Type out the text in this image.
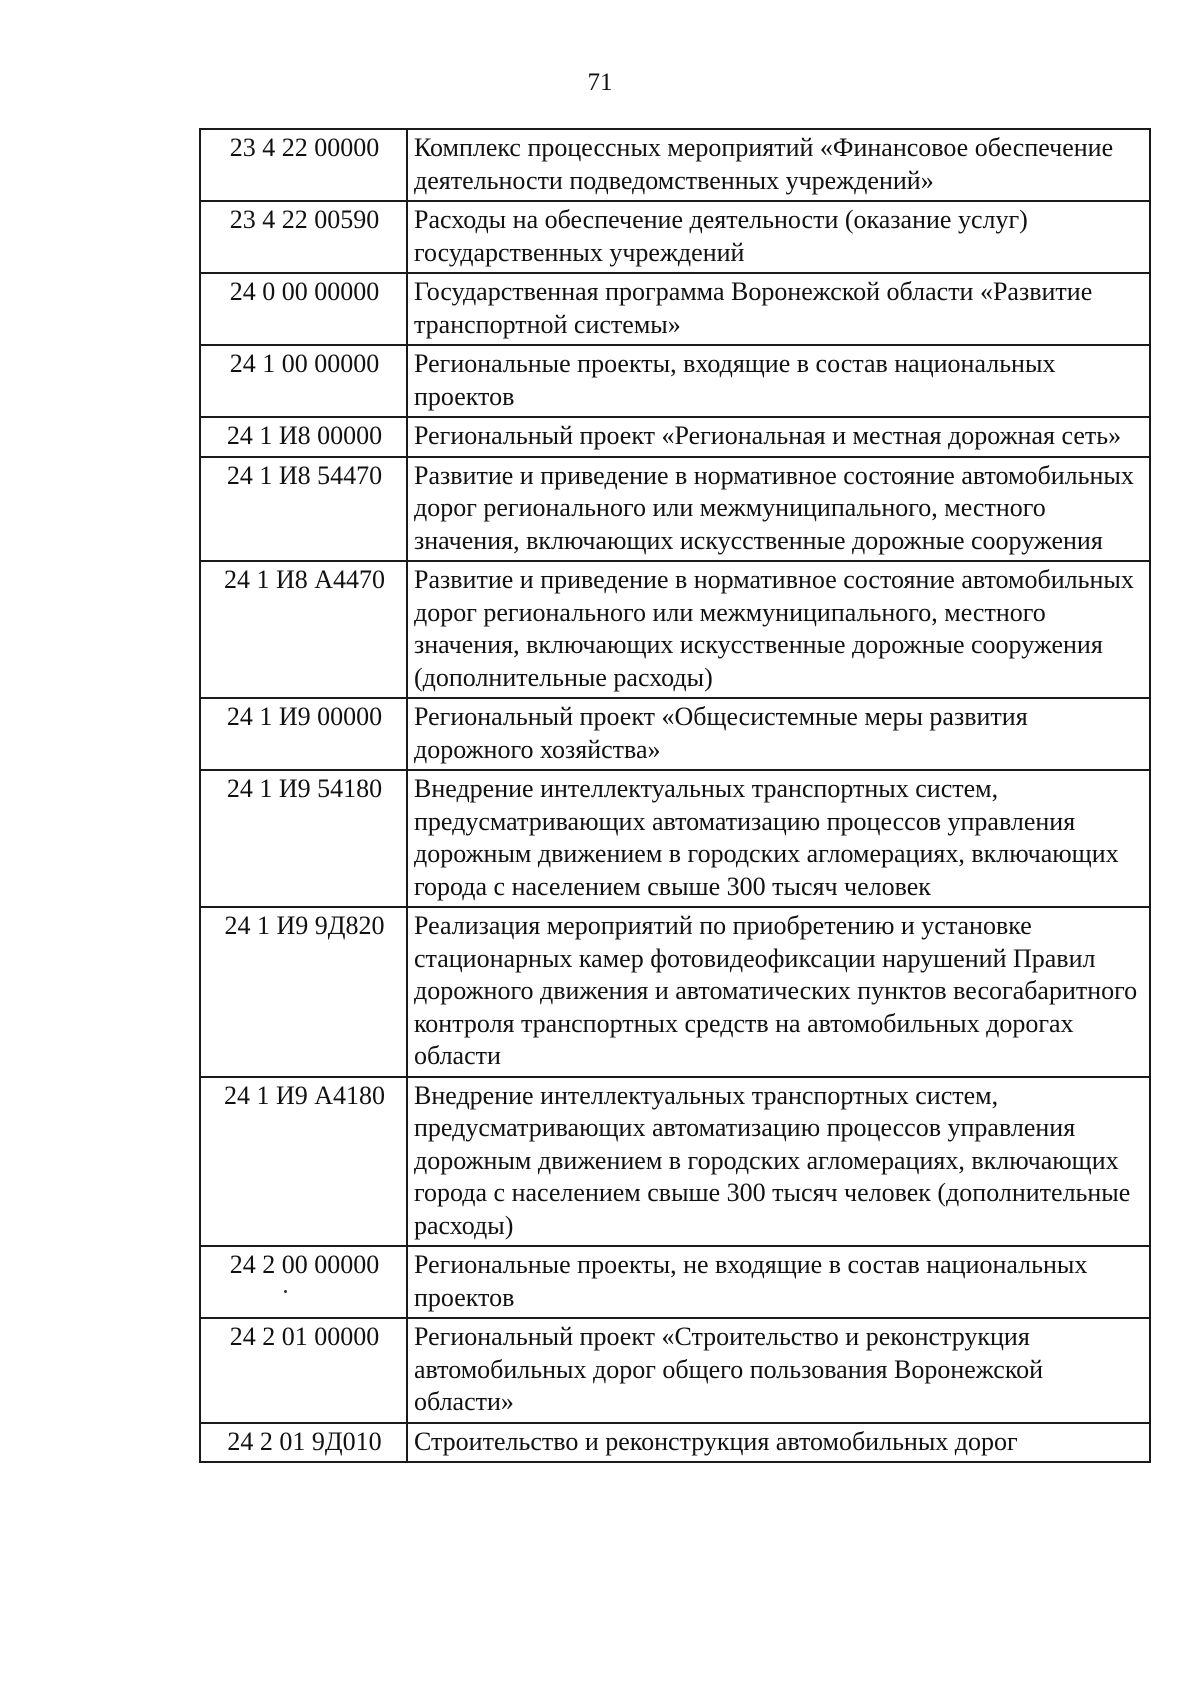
71
23 4 22 00000	Комплекс процессных мероприятий «Финансовое обеспечение деятельности подведомственных учреждений»
23 4 22 00590	Расходы на обеспечение деятельности (оказание услуг) государственных учреждений
24 0 00 00000	Государственная программа Воронежской области «Развитие транспортной системы»
24 1 00 00000	Региональные проекты, входящие в состав национальных проектов
24 1 И8 00000	Региональный проект «Региональная и местная дорожная сеть»
24 1 И8 54470	Развитие и приведение в нормативное состояние автомобильных дорог регионального или межмуниципального, местного значения, включающих искусственные дорожные сооружения
24 1 И8 А4470	Развитие и приведение в нормативное состояние автомобильных дорог регионального или межмуниципального, местного значения, включающих искусственные дорожные сооружения (дополнительные расходы)
24 1 И9 00000	Региональный проект «Общесистемные меры развития дорожного хозяйства»
24 1 И9 54180	Внедрение интеллектуальных транспортных систем, предусматривающих автоматизацию процессов управления дорожным движением в городских агломерациях, включающих города с населением свыше 300 тысяч человек
24 1 И9 9Д820	Реализация мероприятий по приобретению и установке стационарных камер фотовидеофиксации нарушений Правил дорожного движения и автоматических пунктов весогабаритного контроля транспортных средств на автомобильных дорогах области
24 1 И9 А4180	Внедрение интеллектуальных транспортных систем, предусматривающих автоматизацию процессов управления дорожным движением в городских агломерациях, включающих города с населением свыше 300 тысяч человек (дополнительные расходы)
24 2 00 00000	Региональные проекты, не входящие в состав национальных проектов
24 2 01 00000	Региональный проект «Строительство и реконструкция автомобильных дорог общего пользования Воронежской области»
24 2 01 9Д010	Строительство и реконструкция автомобильных дорог
